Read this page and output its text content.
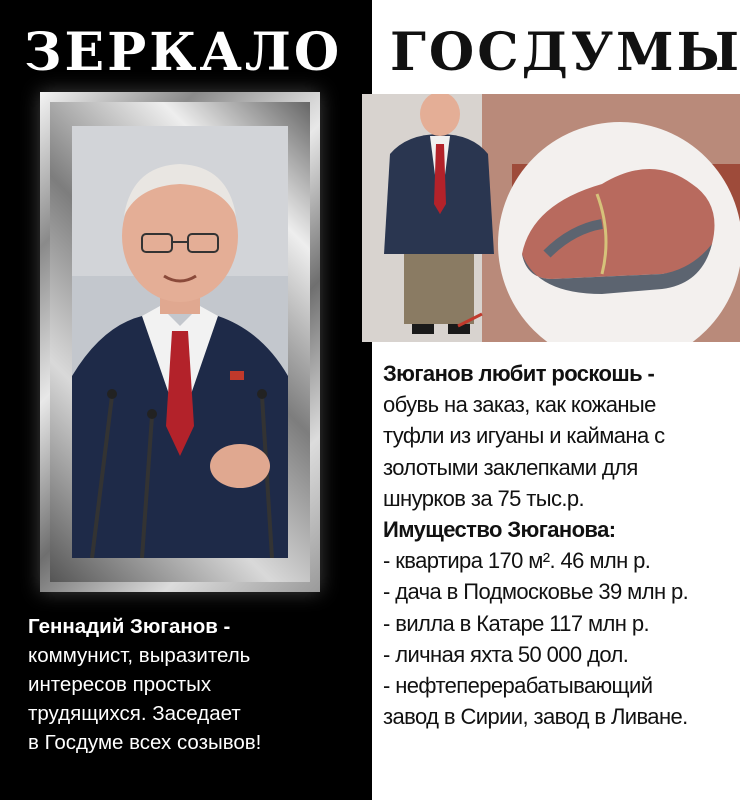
ЗЕРКАЛО ГОСДУМЫ

Геннадий Зюганов -
коммунист, выразитель
интересов простых
трудящихся. Заседает
в Госдуме всех созывов!

Зюганов любит роскошь -
обувь на заказ, как кожаные
туфли из игуаны и каймана с
золотыми заклепками для
шнурков за 75 тыс.р.
Имущество Зюганова:
- квартира 170 м². 46 млн р.
- дача в Подмосковье 39 млн р.
- вилла в Катаре 117 млн р.
- личная яхта 50 000 дол.
- нефтеперерабатывающий
завод в Сирии, завод в Ливане.
